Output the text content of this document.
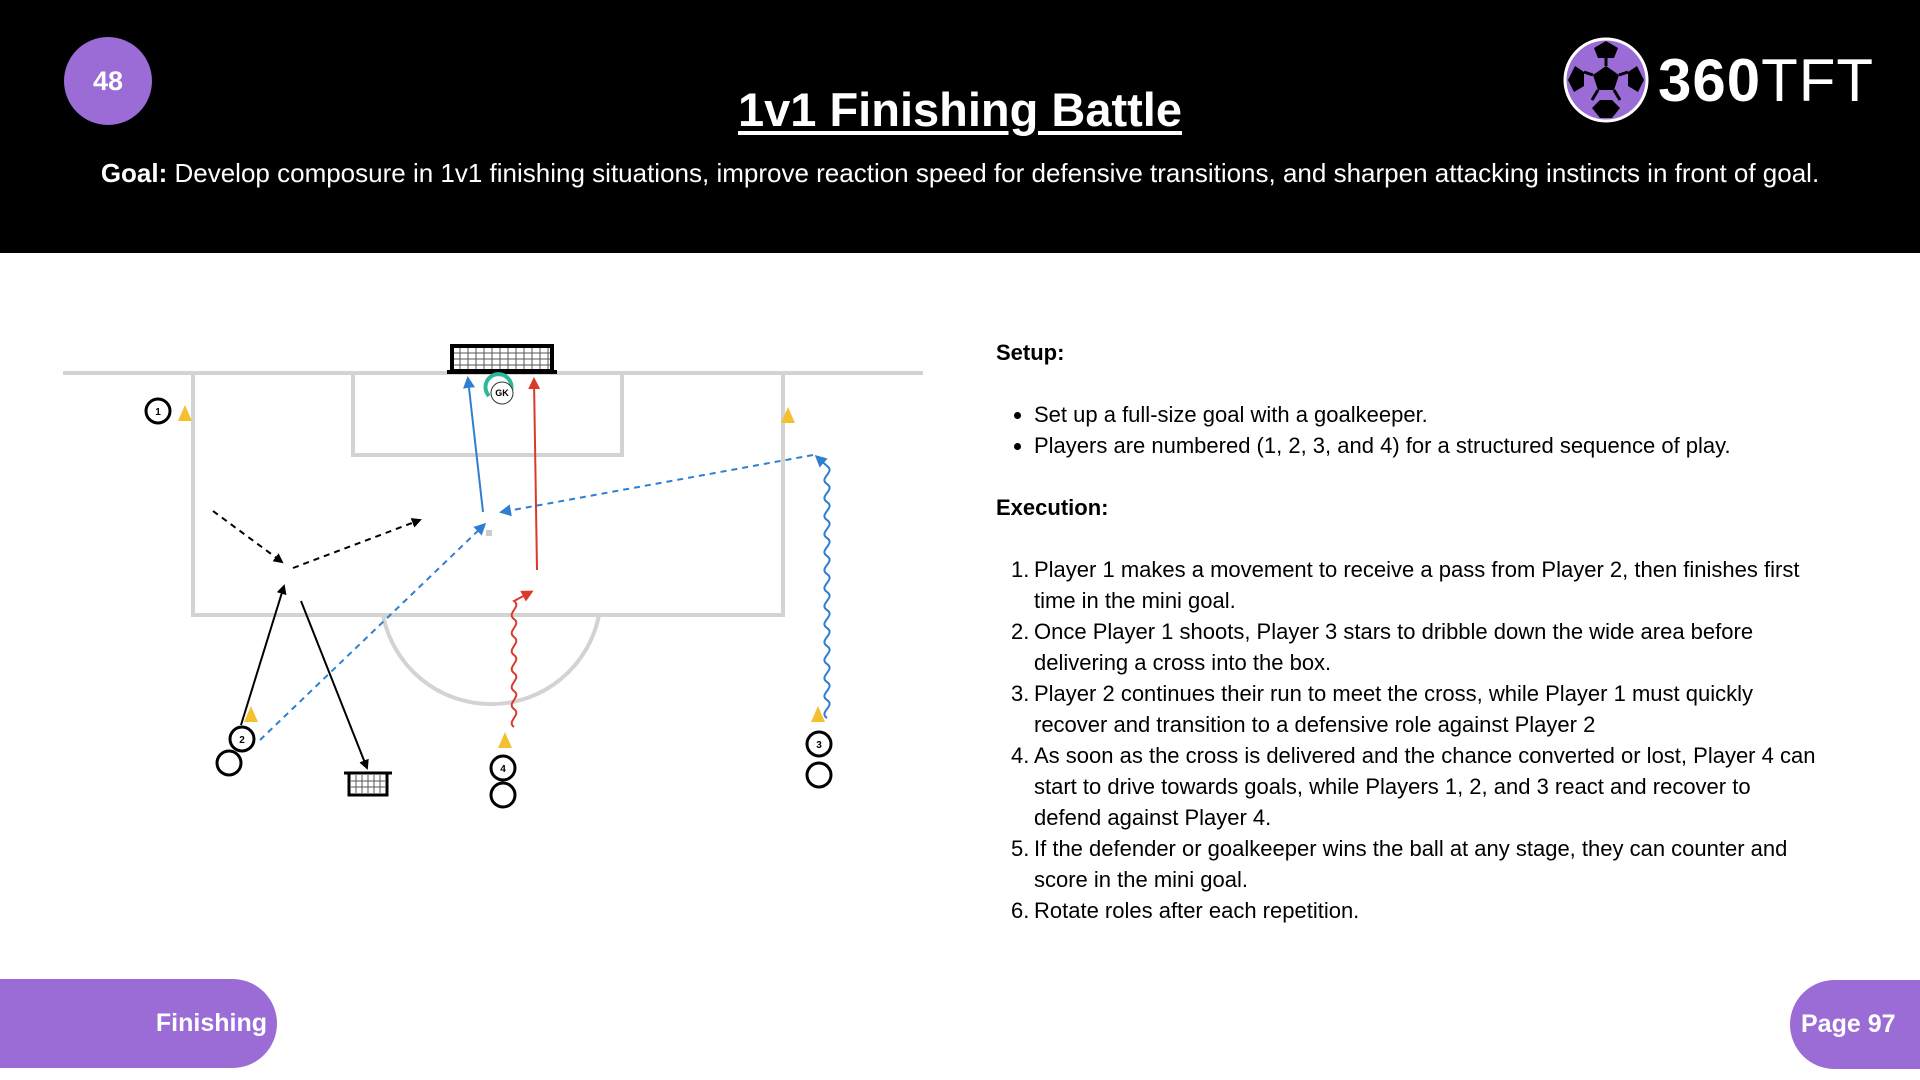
48
1v1 Finishing Battle
Goal: Develop composure in 1v1 finishing situations, improve reaction speed for defensive transitions, and sharpen attacking instincts in front of goal.
360TFT
GK
1
2
4
3

Setup:

Set up a full-size goal with a goalkeeper.
Players are numbered (1, 2, 3, and 4) for a structured sequence of play.

Execution:

1. Player 1 makes a movement to receive a pass from Player 2, then finishes first time in the mini goal.
2. Once Player 1 shoots, Player 3 stars to dribble down the wide area before delivering a cross into the box.
3. Player 2 continues their run to meet the cross, while Player 1 must quickly recover and transition to a defensive role against Player 2
4. As soon as the cross is delivered and the chance converted or lost, Player 4 can start to drive towards goals, while Players 1, 2, and 3 react and recover to defend against Player 4.
5. If the defender or goalkeeper wins the ball at any stage, they can counter and score in the mini goal.
6. Rotate roles after each repetition.
Finishing	Page 97
